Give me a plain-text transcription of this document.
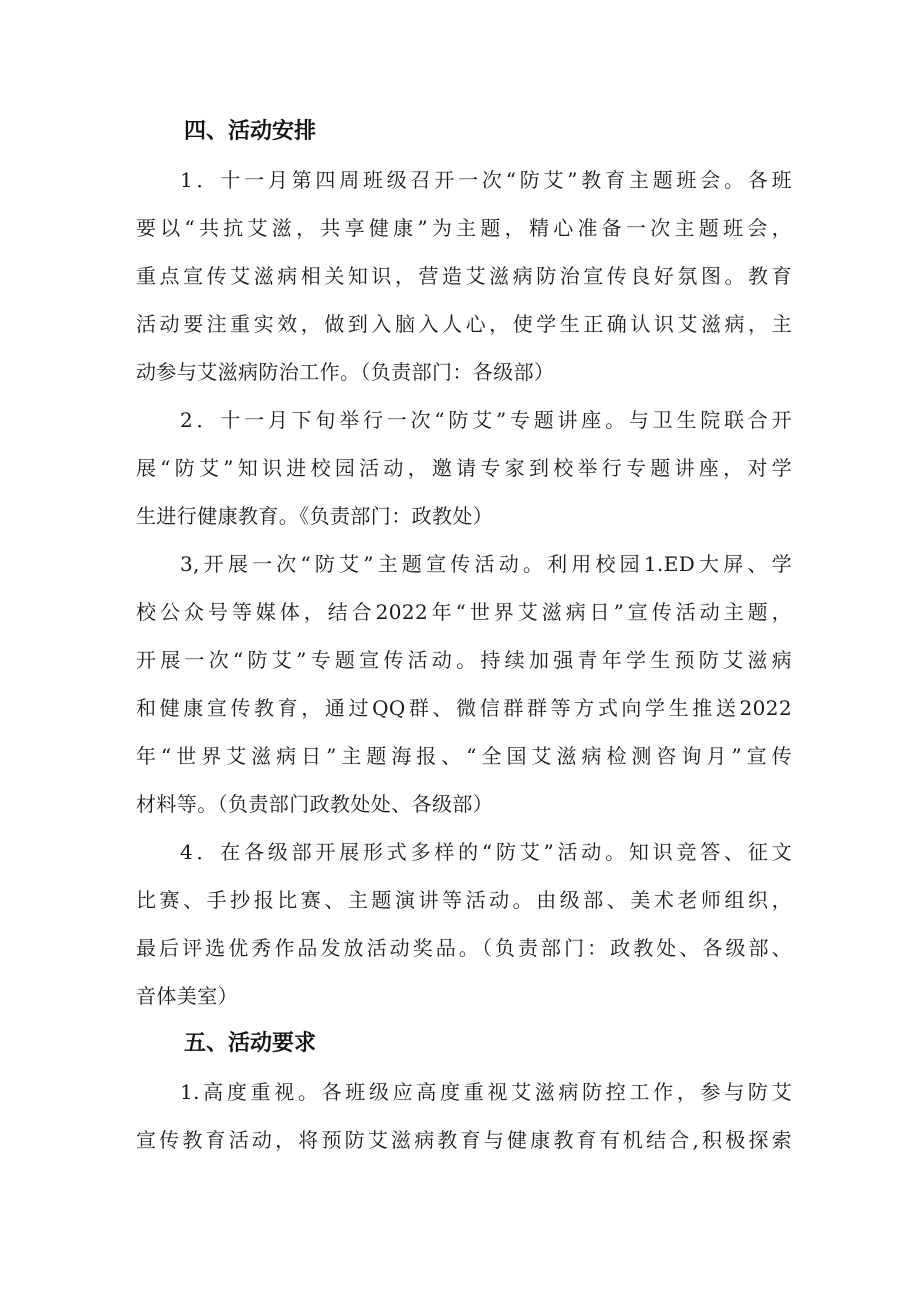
四、活动安排
1．十一月第四周班级召开一次“防艾”教育主题班会。各班
要以“共抗艾滋，共享健康”为主题，精心准备一次主题班会，
重点宣传艾滋病相关知识，营造艾滋病防治宣传良好氛图。教育
活动要注重实效，做到入脑入人心，使学生正确认识艾滋病，主
动参与艾滋病防治工作。（负责部门：各级部）
2．十一月下旬举行一次“防艾”专题讲座。与卫生院联合开
展“防艾”知识进校园活动，邀请专家到校举行专题讲座，对学
生进行健康教育。《负责部门：政教处）
3,开展一次“防艾”主题宣传活动。利用校园1.ED大屏、学
校公众号等媒体，结合2022年“世界艾滋病日”宣传活动主题，
开展一次“防艾”专题宣传活动。持续加强青年学生预防艾滋病
和健康宣传教育，通过QQ群、微信群群等方式向学生推送2022
年“世界艾滋病日”主题海报、“全国艾滋病检测咨询月”宣传
材料等。（负责部门政教处处、各级部）
4．在各级部开展形式多样的“防艾”活动。知识竞答、征文
比赛、手抄报比赛、主题演讲等活动。由级部、美术老师组织，
最后评选优秀作品发放活动奖品。（负责部门：政教处、各级部、
音体美室）
五、活动要求
1.高度重视。各班级应高度重视艾滋病防控工作，参与防艾
宣传教育活动，将预防艾滋病教育与健康教育有机结合,积极探索
